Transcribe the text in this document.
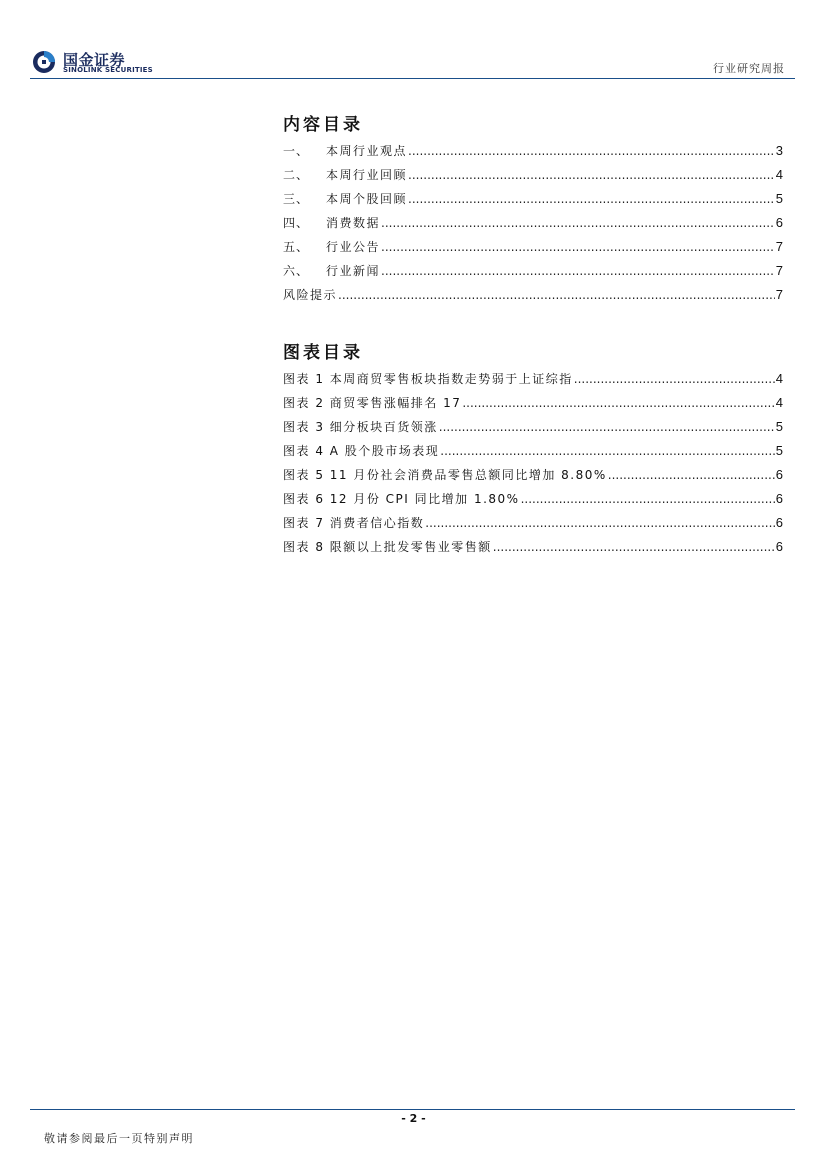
国金证券
SINOLINK SECURITIES	行业研究周报
内容目录
一、	本周行业观点 .....	3
二、	本周行业回顾 .....	4
三、	本周个股回顾 .....	5
四、	消费数据 .....	6
五、	行业公告 .....	7
六、	行业新闻 .....	7
风险提示 .....	7
图表目录
图表 1 本周商贸零售板块指数走势弱于上证综指 .....	4
图表 2 商贸零售涨幅排名 17 .....	4
图表 3 细分板块百货领涨 .....	5
图表 4 A 股个股市场表现 .....	5
图表 5 11 月份社会消费品零售总额同比增加 8.80% .....	6
图表 6 12 月份 CPI 同比增加 1.80% .....	6
图表 7 消费者信心指数 .....	6
图表 8 限额以上批发零售业零售额 .....	6
- 2 -
敬请参阅最后一页特别声明
